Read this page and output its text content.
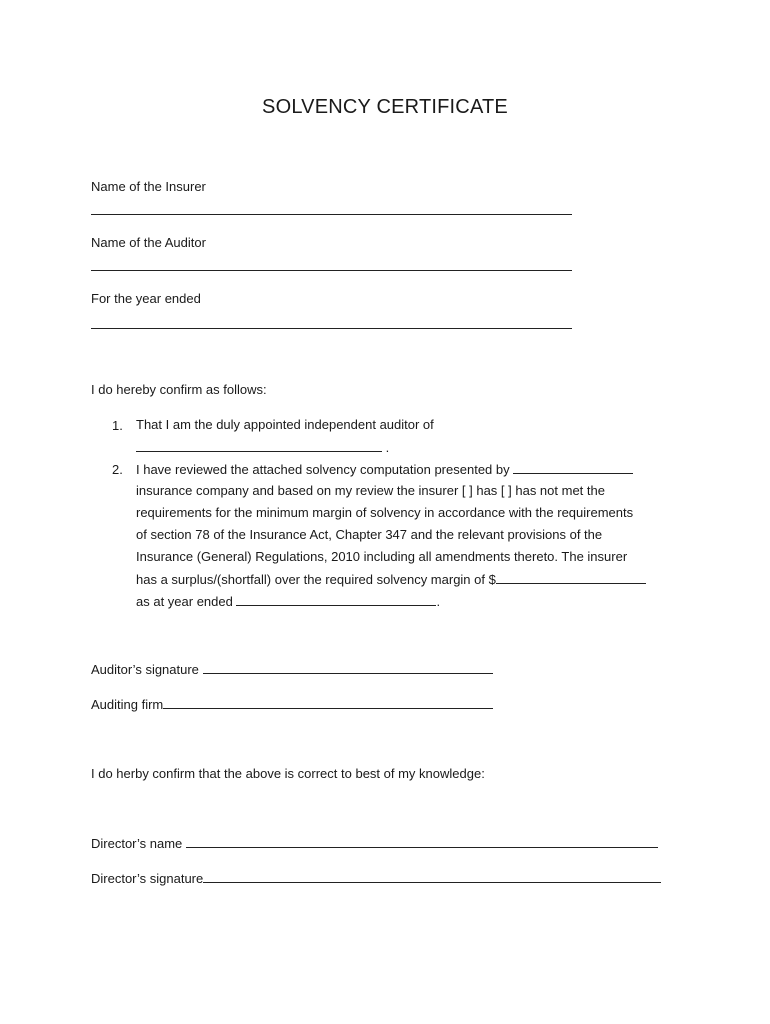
SOLVENCY CERTIFICATE
Name of the Insurer
Name of the Auditor
For the year ended
I do hereby confirm as follows:
1. That I am the duly appointed independent auditor of
.
2. I have reviewed the attached solvency computation presented by
insurance company and based on my review the insurer [ ] has [ ] has not met the
requirements for the minimum margin of solvency in accordance with the requirements
of section 78 of the Insurance Act, Chapter 347 and the relevant provisions of the
Insurance (General) Regulations, 2010 including all amendments thereto. The insurer
has a surplus/(shortfall) over the required solvency margin of $
as at year ended	.
Auditor’s signature
Auditing firm
I do herby confirm that the above is correct to best of my knowledge:
Director’s name
Director’s signature
